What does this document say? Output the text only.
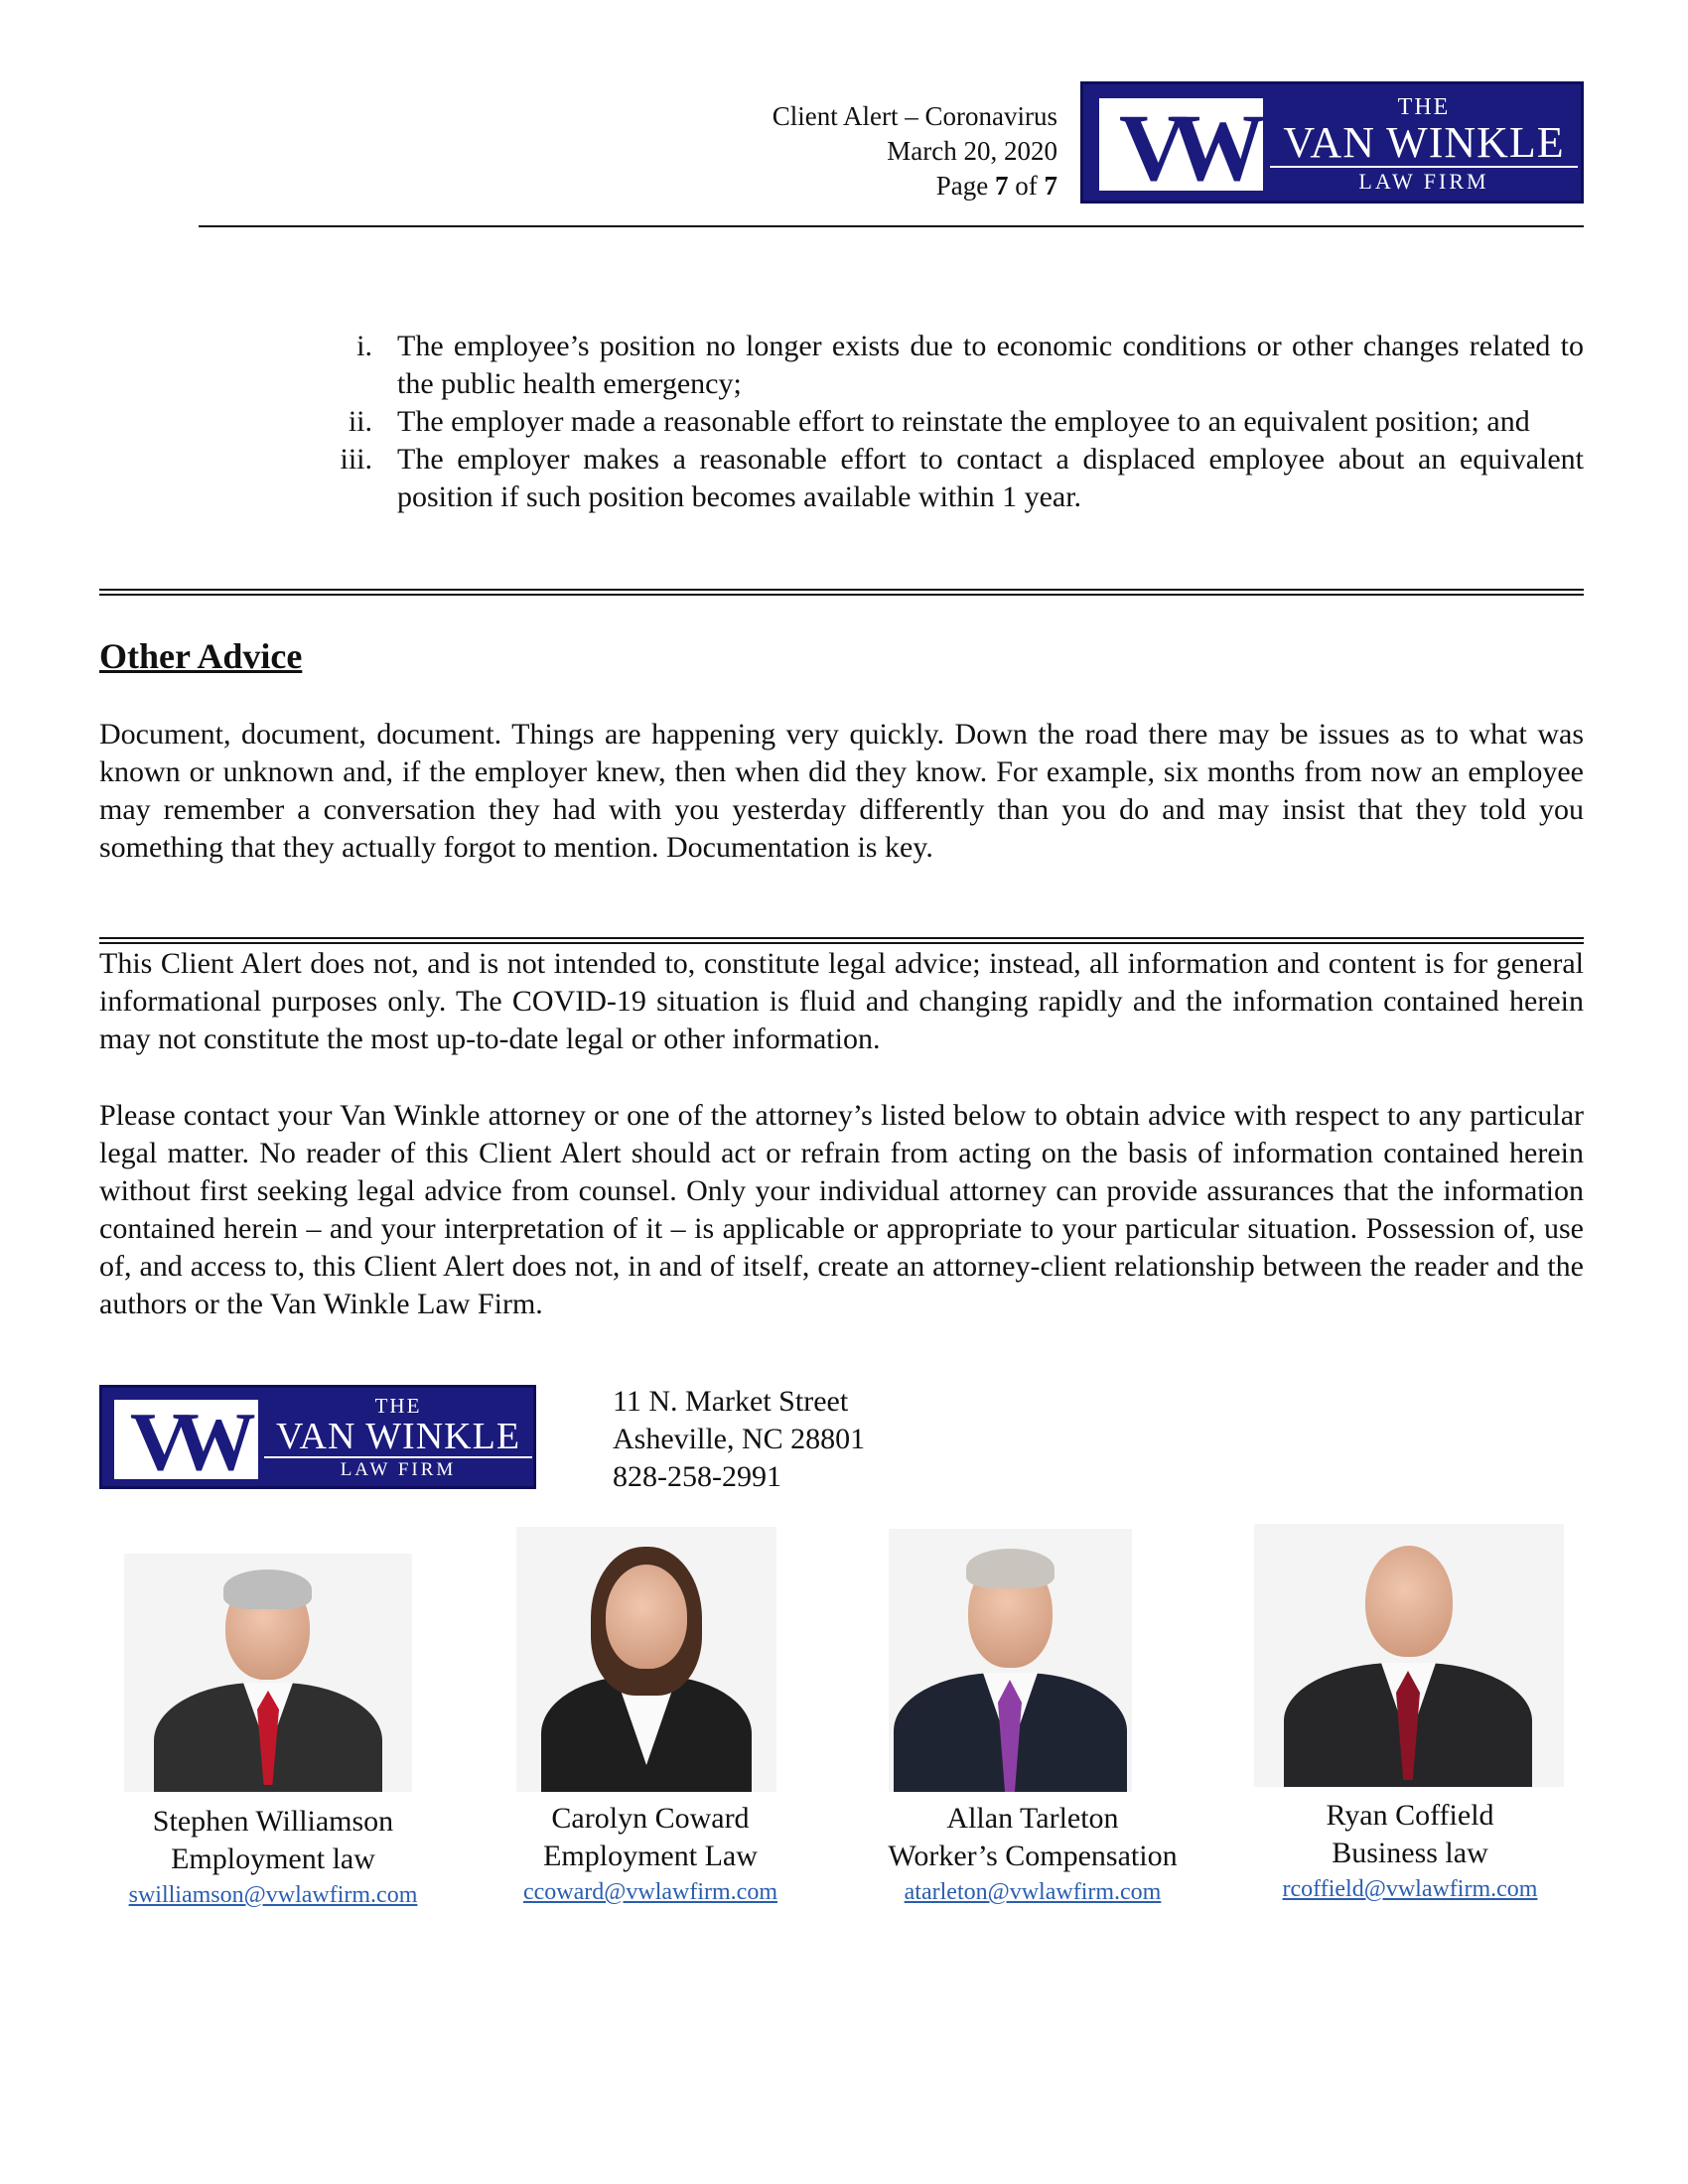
Client Alert – Coronavirus
March 20, 2020
Page 7 of 7 VW	THE
VAN WINKLE
LAW FIRM
i. The employee’s position no longer exists due to economic conditions or other changes related to the public health emergency;
ii. The employer made a reasonable effort to reinstate the employee to an equivalent position; and
iii. The employer makes a reasonable effort to contact a displaced employee about an equivalent position if such position becomes available within 1 year.
Other Advice
Document, document, document. Things are happening very quickly. Down the road there may be issues as to what was known or unknown and, if the employer knew, then when did they know. For example, six months from now an employee may remember a conversation they had with you yesterday differently than you do and may insist that they told you something that they actually forgot to mention. Documentation is key.
This Client Alert does not, and is not intended to, constitute legal advice; instead, all information and content is for general informational purposes only. The COVID-19 situation is fluid and changing rapidly and the information contained herein may not constitute the most up-to-date legal or other information.
Please contact your Van Winkle attorney or one of the attorney’s listed below to obtain advice with respect to any particular legal matter. No reader of this Client Alert should act or refrain from acting on the basis of information contained herein without first seeking legal advice from counsel. Only your individual attorney can provide assurances that the information contained herein – and your interpretation of it – is applicable or appropriate to your particular situation. Possession of, use of, and access to, this Client Alert does not, in and of itself, create an attorney-client relationship between the reader and the authors or the Van Winkle Law Firm.
VW	THE
VAN WINKLE
LAW FIRM
11 N. Market Street
Asheville, NC 28801
828-258-2991
Stephen Williamson
Employment law
swilliamson@vwlawfirm.com
Carolyn Coward
Employment Law
ccoward@vwlawfirm.com
Allan Tarleton
Worker’s Compensation
atarleton@vwlawfirm.com
Ryan Coffield
Business law
rcoffield@vwlawfirm.com
